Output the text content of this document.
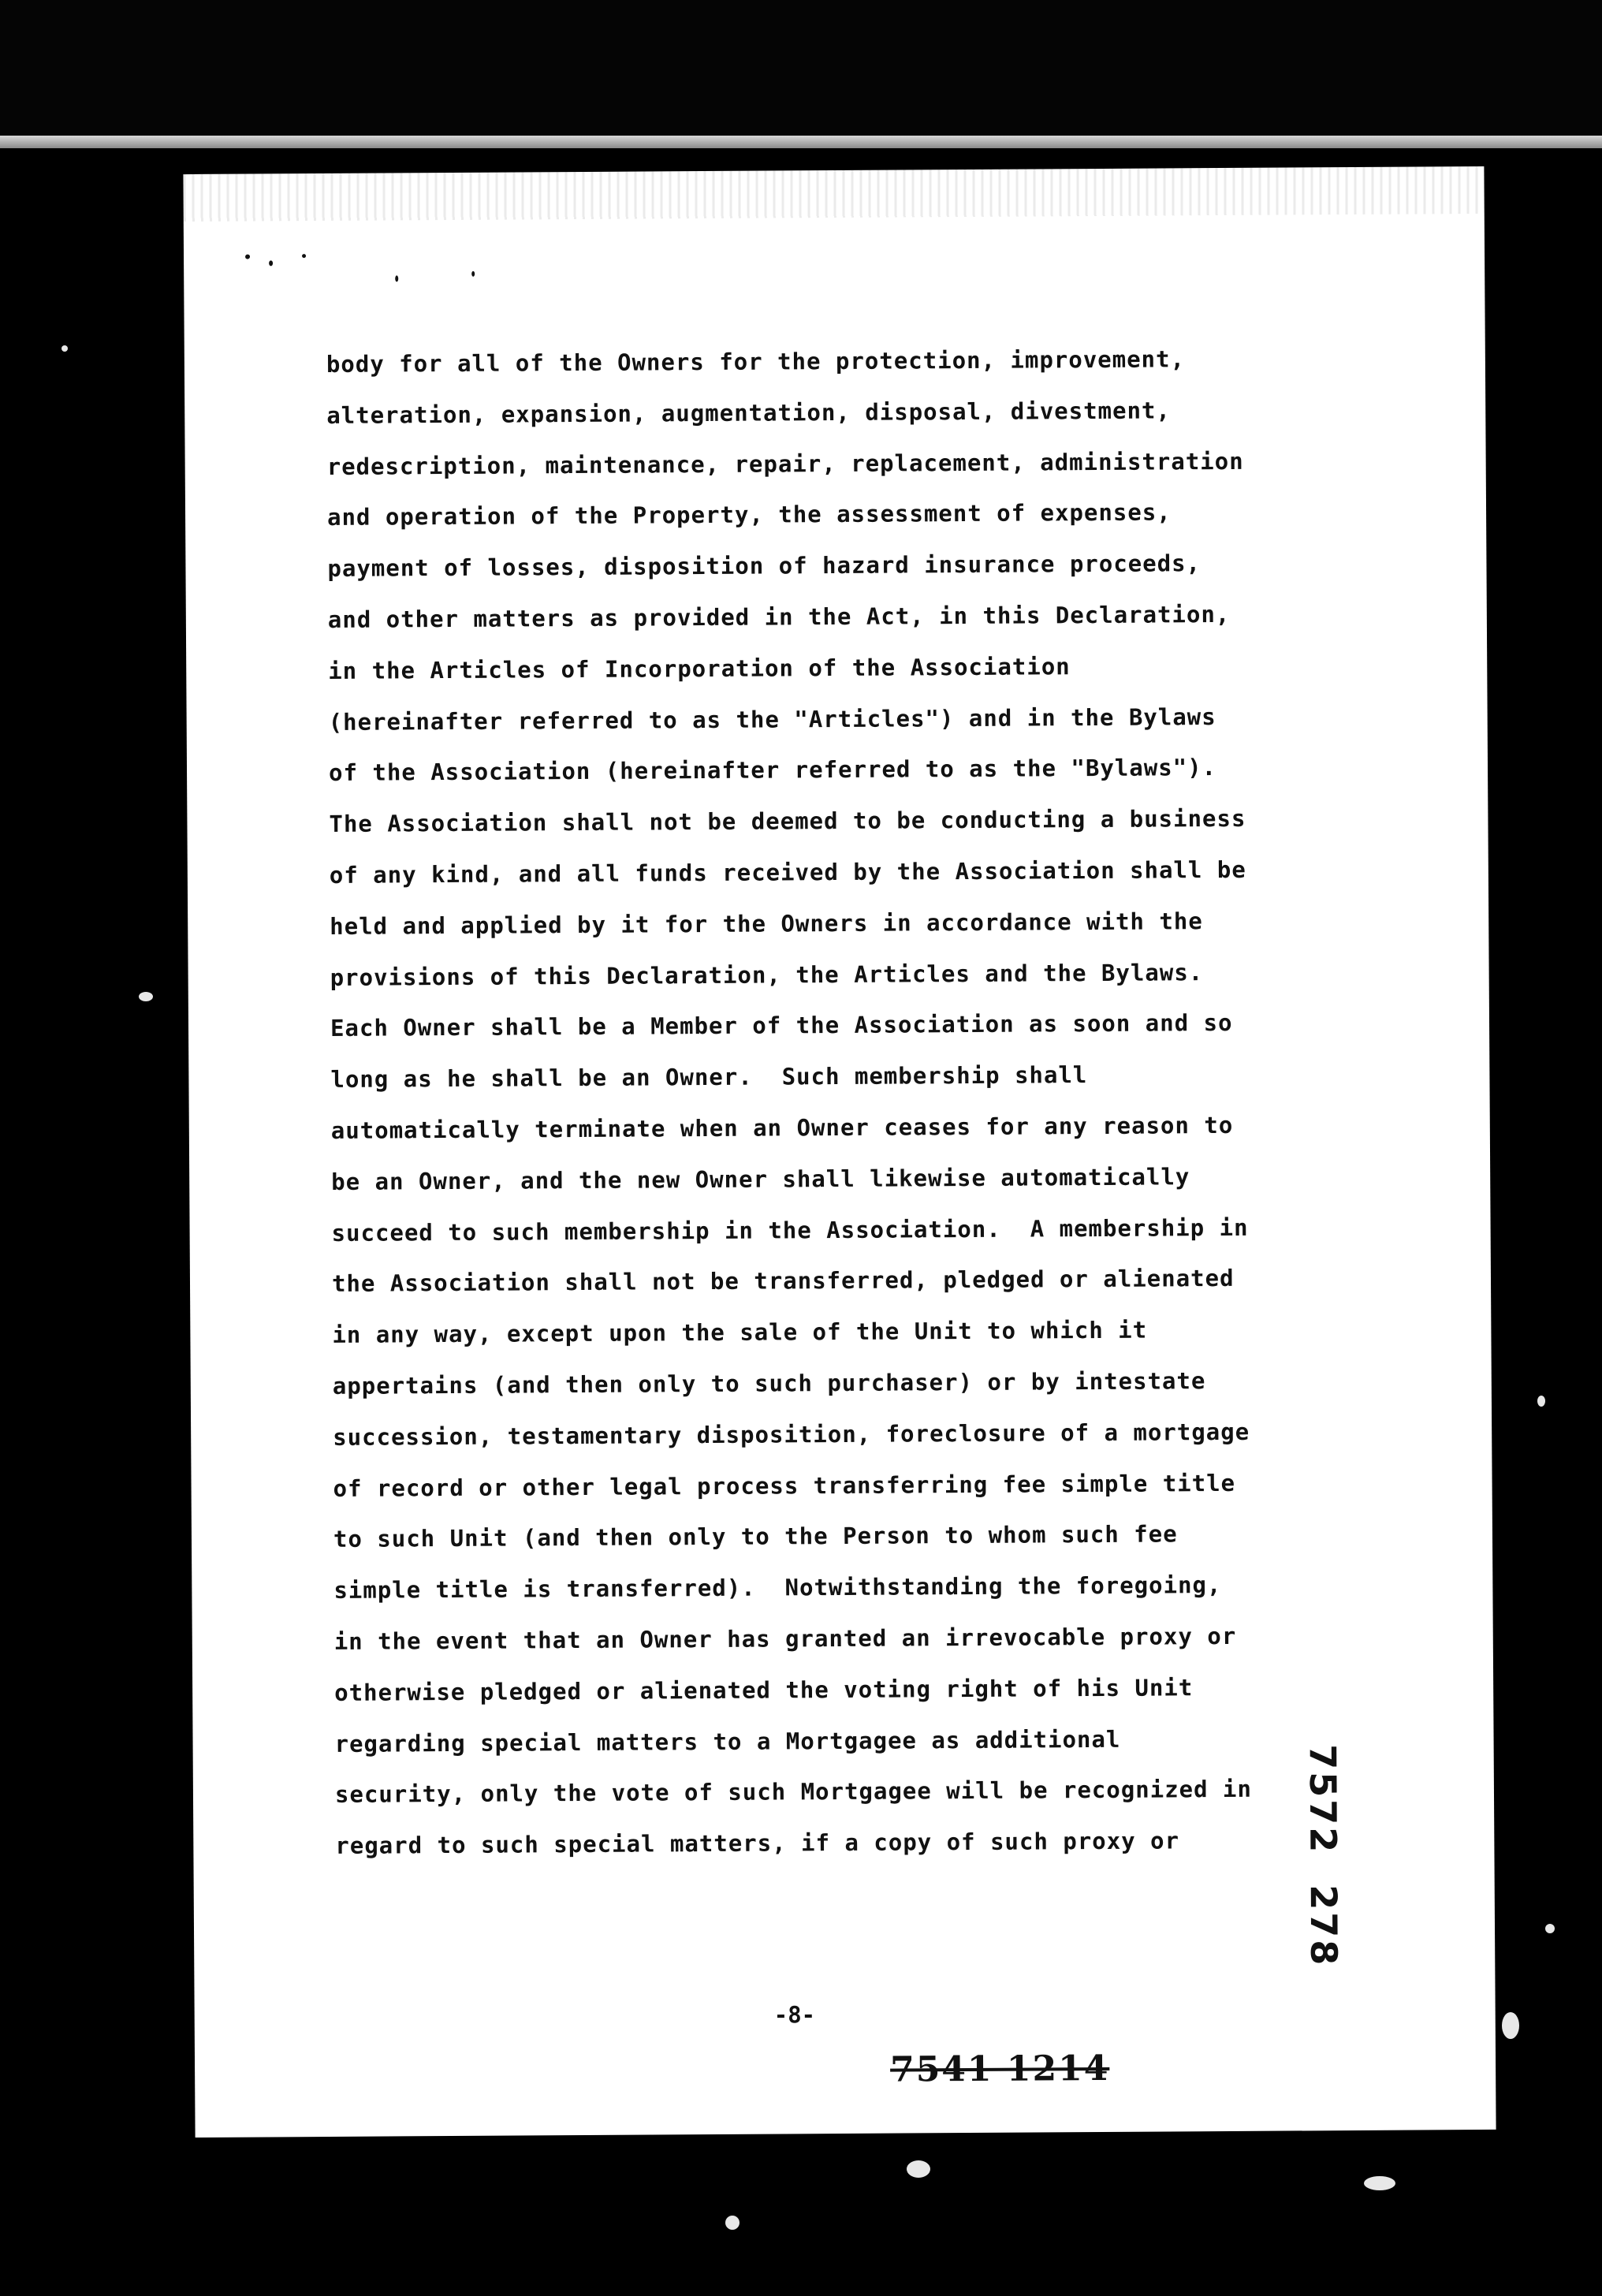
body for all of the Owners for the protection, improvement,
alteration, expansion, augmentation, disposal, divestment,
redescription, maintenance, repair, replacement, administration
and operation of the Property, the assessment of expenses,
payment of losses, disposition of hazard insurance proceeds,
and other matters as provided in the Act, in this Declaration,
in the Articles of Incorporation of the Association
(hereinafter referred to as the "Articles") and in the Bylaws
of the Association (hereinafter referred to as the "Bylaws").
The Association shall not be deemed to be conducting a business
of any kind, and all funds received by the Association shall be
held and applied by it for the Owners in accordance with the
provisions of this Declaration, the Articles and the Bylaws.
Each Owner shall be a Member of the Association as soon and so
long as he shall be an Owner.  Such membership shall
automatically terminate when an Owner ceases for any reason to
be an Owner, and the new Owner shall likewise automatically
succeed to such membership in the Association.  A membership in
the Association shall not be transferred, pledged or alienated
in any way, except upon the sale of the Unit to which it
appertains (and then only to such purchaser) or by intestate
succession, testamentary disposition, foreclosure of a mortgage
of record or other legal process transferring fee simple title
to such Unit (and then only to the Person to whom such fee
simple title is transferred).  Notwithstanding the foregoing,
in the event that an Owner has granted an irrevocable proxy or
otherwise pledged or alienated the voting right of his Unit
regarding special matters to a Mortgagee as additional
security, only the vote of such Mortgagee will be recognized in
regard to such special matters, if a copy of such proxy or	7572  278
-8-
7541 1214
